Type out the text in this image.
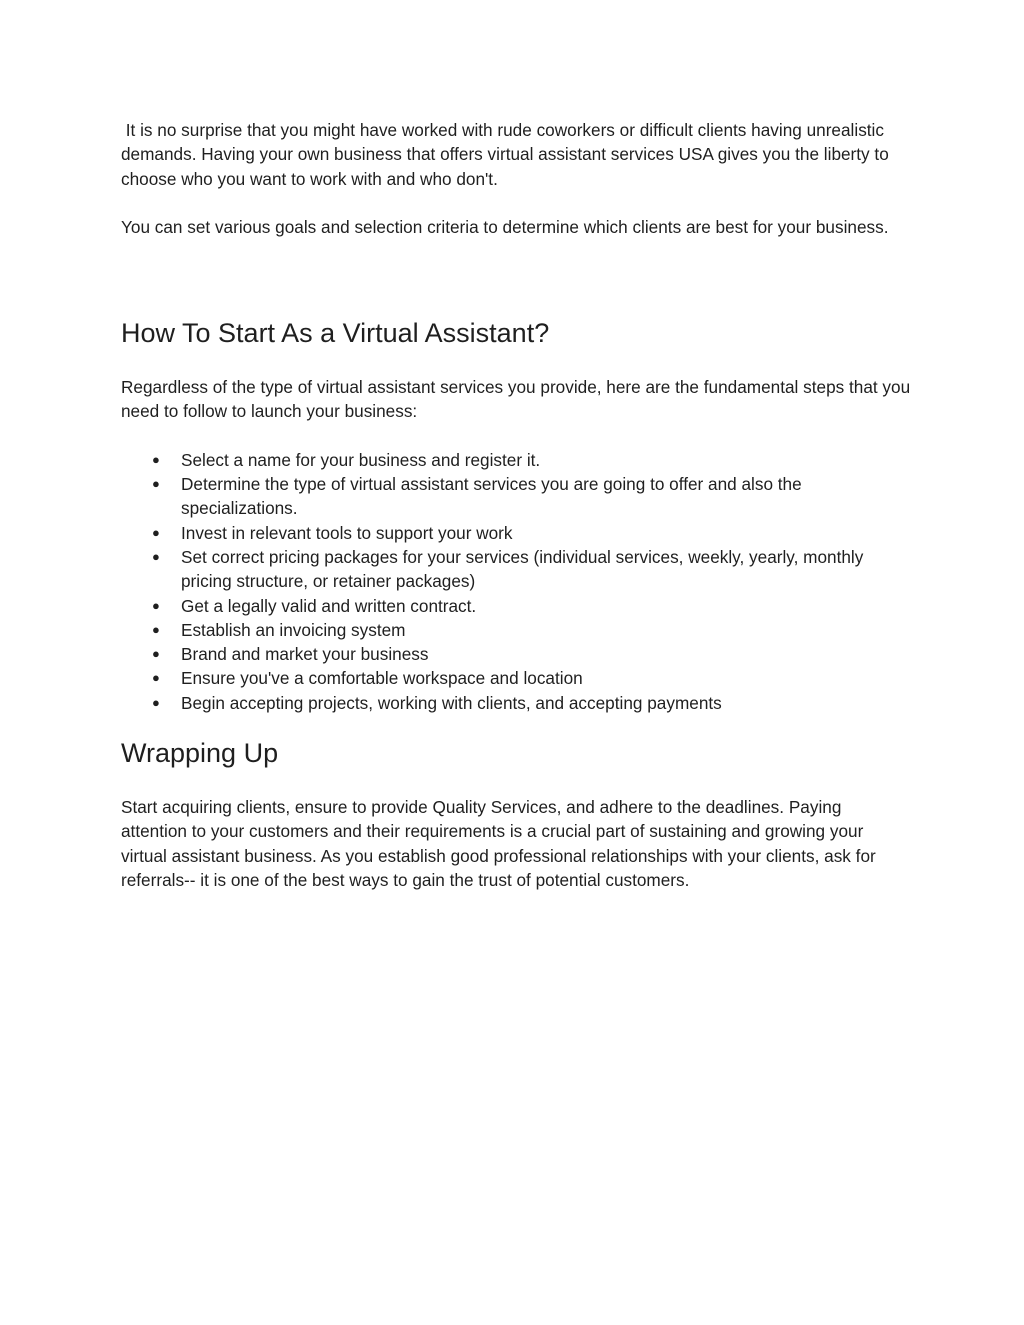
It is no surprise that you might have worked with rude coworkers or difficult clients having unrealistic demands. Having your own business that offers virtual assistant services USA gives you the liberty to choose who you want to work with and who don't.

You can set various goals and selection criteria to determine which clients are best for your business.

How To Start As a Virtual Assistant?

Regardless of the type of virtual assistant services you provide, here are the fundamental steps that you need to follow to launch your business:

● Select a name for your business and register it.
● Determine the type of virtual assistant services you are going to offer and also the specializations.
● Invest in relevant tools to support your work
● Set correct pricing packages for your services (individual services, weekly, yearly, monthly pricing structure, or retainer packages)
● Get a legally valid and written contract.
● Establish an invoicing system
● Brand and market your business
● Ensure you've a comfortable workspace and location
● Begin accepting projects, working with clients, and accepting payments
Wrapping Up

Start acquiring clients, ensure to provide Quality Services, and adhere to the deadlines. Paying attention to your customers and their requirements is a crucial part of sustaining and growing your virtual assistant business. As you establish good professional relationships with your clients, ask for referrals-- it is one of the best ways to gain the trust of potential customers.
